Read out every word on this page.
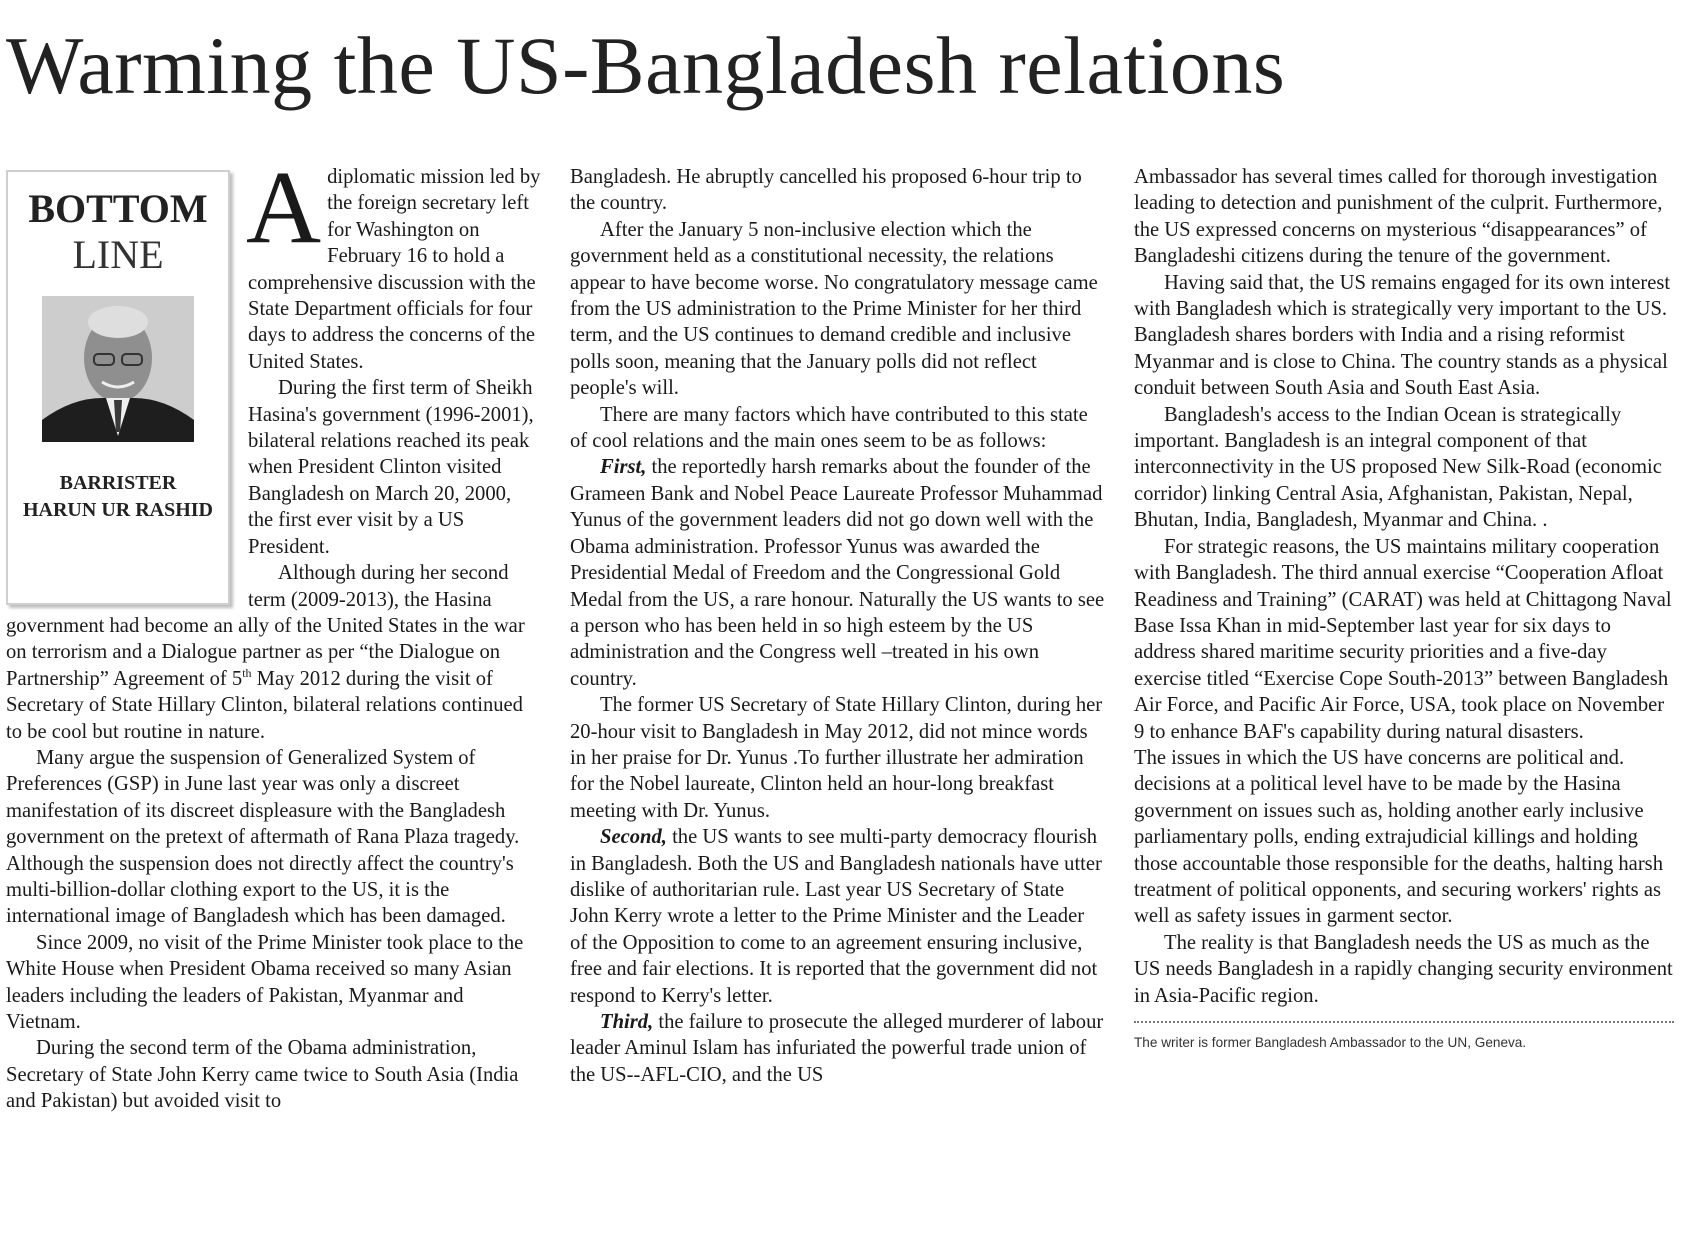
Warming the US-Bangladesh relations
BOTTOM
LINE
BARRISTER
HARUN UR RASHID

Adiplomatic mission led by the foreign secretary left for Washington on February 16 to hold a comprehensive discussion with the State Department officials for four days to address the concerns of the United States.

During the first term of Sheikh Hasina's government (1996-2001), bilateral relations reached its peak when President Clinton visited Bangladesh on March 20, 2000, the first ever visit by a US President.

Although during her second term (2009-2013), the Hasina government had become an ally of the United States in the war on terrorism and a Dialogue partner as per “the Dialogue on Partnership” Agreement of 5th May 2012 during the visit of Secretary of State Hillary Clinton, bilateral relations continued to be cool but routine in nature.

Many argue the suspension of Generalized System of Preferences (GSP) in June last year was only a discreet manifestation of its discreet displeasure with the Bangladesh government on the pretext of aftermath of Rana Plaza tragedy. Although the suspension does not directly affect the country's multi-billion-dollar clothing export to the US, it is the international image of Bangladesh which has been damaged.

Since 2009, no visit of the Prime Minister took place to the White House when President Obama received so many Asian leaders including the leaders of Pakistan, Myanmar and Vietnam.

During the second term of the Obama administration, Secretary of State John Kerry came twice to South Asia (India and Pakistan) but avoided visit to

Bangladesh. He abruptly cancelled his proposed 6-hour trip to the country.

After the January 5 non-inclusive election which the government held as a constitutional necessity, the relations appear to have become worse. No congratulatory message came from the US administration to the Prime Minister for her third term, and the US continues to demand credible and inclusive polls soon, meaning that the January polls did not reflect people's will.

There are many factors which have contributed to this state of cool relations and the main ones seem to be as follows:

First, the reportedly harsh remarks about the founder of the Grameen Bank and Nobel Peace Laureate Professor Muhammad Yunus of the government leaders did not go down well with the Obama administration. Professor Yunus was awarded the Presidential Medal of Freedom and the Congressional Gold Medal from the US, a rare honour. Naturally the US wants to see a person who has been held in so high esteem by the US administration and the Congress well –treated in his own country.

The former US Secretary of State Hillary Clinton, during her 20-hour visit to Bangladesh in May 2012, did not mince words in her praise for Dr. Yunus .To further illustrate her admiration for the Nobel laureate, Clinton held an hour-long breakfast meeting with Dr. Yunus.

Second, the US wants to see multi-party democracy flourish in Bangladesh. Both the US and Bangladesh nationals have utter dislike of authoritarian rule. Last year US Secretary of State John Kerry wrote a letter to the Prime Minister and the Leader of the Opposition to come to an agreement ensuring inclusive, free and fair elections. It is reported that the government did not respond to Kerry's letter.

Third, the failure to prosecute the alleged murderer of labour leader Aminul Islam has infuriated the powerful trade union of the US--AFL-CIO, and the US

Ambassador has several times called for thorough investigation leading to detection and punishment of the culprit. Furthermore, the US expressed concerns on mysterious “disappearances” of Bangladeshi citizens during the tenure of the government.

Having said that, the US remains engaged for its own interest with Bangladesh which is strategically very important to the US. Bangladesh shares borders with India and a rising reformist Myanmar and is close to China. The country stands as a physical conduit between South Asia and South East Asia.

Bangladesh's access to the Indian Ocean is strategically important. Bangladesh is an integral component of that interconnectivity in the US proposed New Silk-Road (economic corridor) linking Central Asia, Afghanistan, Pakistan, Nepal, Bhutan, India, Bangladesh, Myanmar and China. .

For strategic reasons, the US maintains military cooperation with Bangladesh. The third annual exercise “Cooperation Afloat Readiness and Training” (CARAT) was held at Chittagong Naval Base Issa Khan in mid-September last year for six days to address shared maritime security priorities and a five-day exercise titled “Exercise Cope South-2013” between Bangladesh Air Force, and Pacific Air Force, USA, took place on November 9 to enhance BAF's capability during natural disasters.

The issues in which the US have concerns are political and. decisions at a political level have to be made by the Hasina government on issues such as, holding another early inclusive parliamentary polls, ending extrajudicial killings and holding those accountable those responsible for the deaths, halting harsh treatment of political opponents, and securing workers' rights as well as safety issues in garment sector.

The reality is that Bangladesh needs the US as much as the US needs Bangladesh in a rapidly changing security environment in Asia-Pacific region.

The writer is former Bangladesh Ambassador to the UN, Geneva.
